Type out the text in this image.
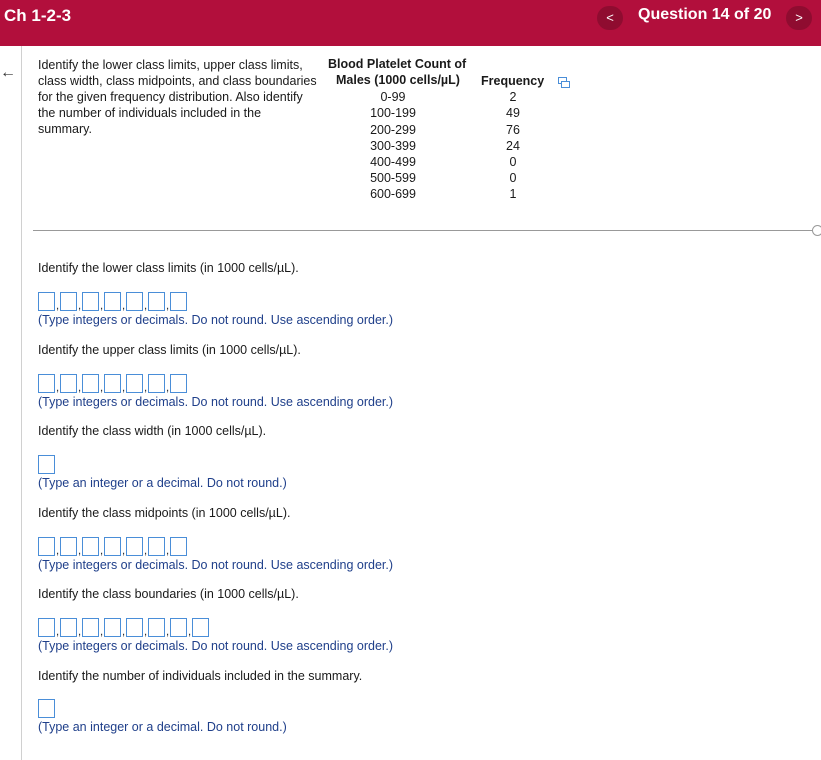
Ch 1-2-3	<	Question 14 of 20	>
← Identify the lower class limits, upper class limits, class width, class midpoints, and class boundaries for the given frequency distribution. Also identify the number of individuals included in the summary.
Blood Platelet Count of
Males (1000 cells/µL)	Frequency
0-99	2
100-199	49
200-299	76
300-399	24
400-499	0
500-599	0
600-699	1
Identify the lower class limits (in 1000 cells/µL).
, , , , , ,
(Type integers or decimals. Do not round. Use ascending order.)
Identify the upper class limits (in 1000 cells/µL).
, , , , , ,
(Type integers or decimals. Do not round. Use ascending order.)
Identify the class width (in 1000 cells/µL).
(Type an integer or a decimal. Do not round.)
Identify the class midpoints (in 1000 cells/µL).
, , , , , ,
(Type integers or decimals. Do not round. Use ascending order.)
Identify the class boundaries (in 1000 cells/µL).
, , , , , , ,
(Type integers or decimals. Do not round. Use ascending order.)
Identify the number of individuals included in the summary.
(Type an integer or a decimal. Do not round.)
